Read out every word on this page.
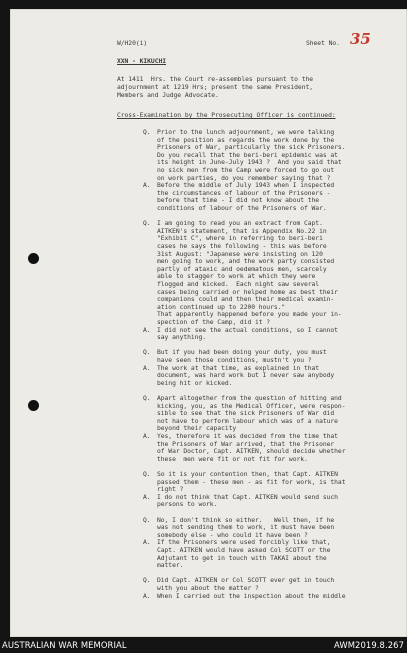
W/H20(i)	Sheet No. 35
XXN - KIKUCHI
At 1411  Hrs. the Court re-assembles pursuant to the
adjournment at 1219 Hrs; present the same President,
Members and Judge Advocate.
Cross-Examination by the Prosecuting Officer is continued:
Q. Prior to the lunch adjournment, we were talking
of the position as regards the work done by the
Prisoners of War, particularly the sick Prisoners.
Do you recall that the beri-beri epidemic was at
its height in June-July 1943 ?  And you said that
no sick men from the Camp were forced to go out
on work parties, do you remember saying that ?
A. Before the middle of July 1943 when I inspected
the circumstances of labour of the Prisoners -
before that time - I did not know about the
conditions of labour of the Prisoners of War.
Q. I am going to read you an extract from Capt.
AITKEN's statement, that is Appendix No.22 in
"Exhibit C", where in referring to beri-beri
cases he says the following - this was before
31st August: "Japanese were insisting on 120
men going to work, and the work party consisted
partly of ataxic and oedematous men, scarcely
able to stagger to work at which they were
flogged and kicked.  Each night saw several
cases being carried or helped home as best their
companions could and then their medical examin-
ation continued up to 2200 hours."
That apparently happened before you made your in-
spection of the Camp, did it ?
A. I did not see the actual conditions, so I cannot
say anything.
Q. But if you had been doing your duty, you must
have seen those conditions, mustn't you ?
A. The work at that time, as explained in that
document, was hard work but I never saw anybody
being hit or kicked.
Q. Apart altogether from the question of hitting and
kicking, you, as the Medical Officer, were respon-
sible to see that the sick Prisoners of War did
not have to perform labour which was of a nature
beyond their capacity
A. Yes, therefore it was decided from the time that
the Prisoners of War arrived, that the Prisoner
of War Doctor, Capt. AITKEN, should decide whether
these  men were fit or not fit for work.
Q. So it is your contention then, that Capt. AITKEN
passed them - these men - as fit for work, is that
right ?
A. I do not think that Capt. AITKEN would send such
persons to work.
Q. No, I don't think so either.   Well then, if he
was not sending them to work, it must have been
somebody else - who could it have been ?
A. If the Prisoners were used forcibly like that,
Capt. AITKEN would have asked Col SCOTT or the
Adjutant to get in touch with TAKAI about the
matter.
Q. Did Capt. AITKEN or Col SCOTT ever get in touch
with you about the matter ?
A. When I carried out the inspection about the middle
AUSTRALIAN WAR MEMORIAL	AWM2019.8.267
